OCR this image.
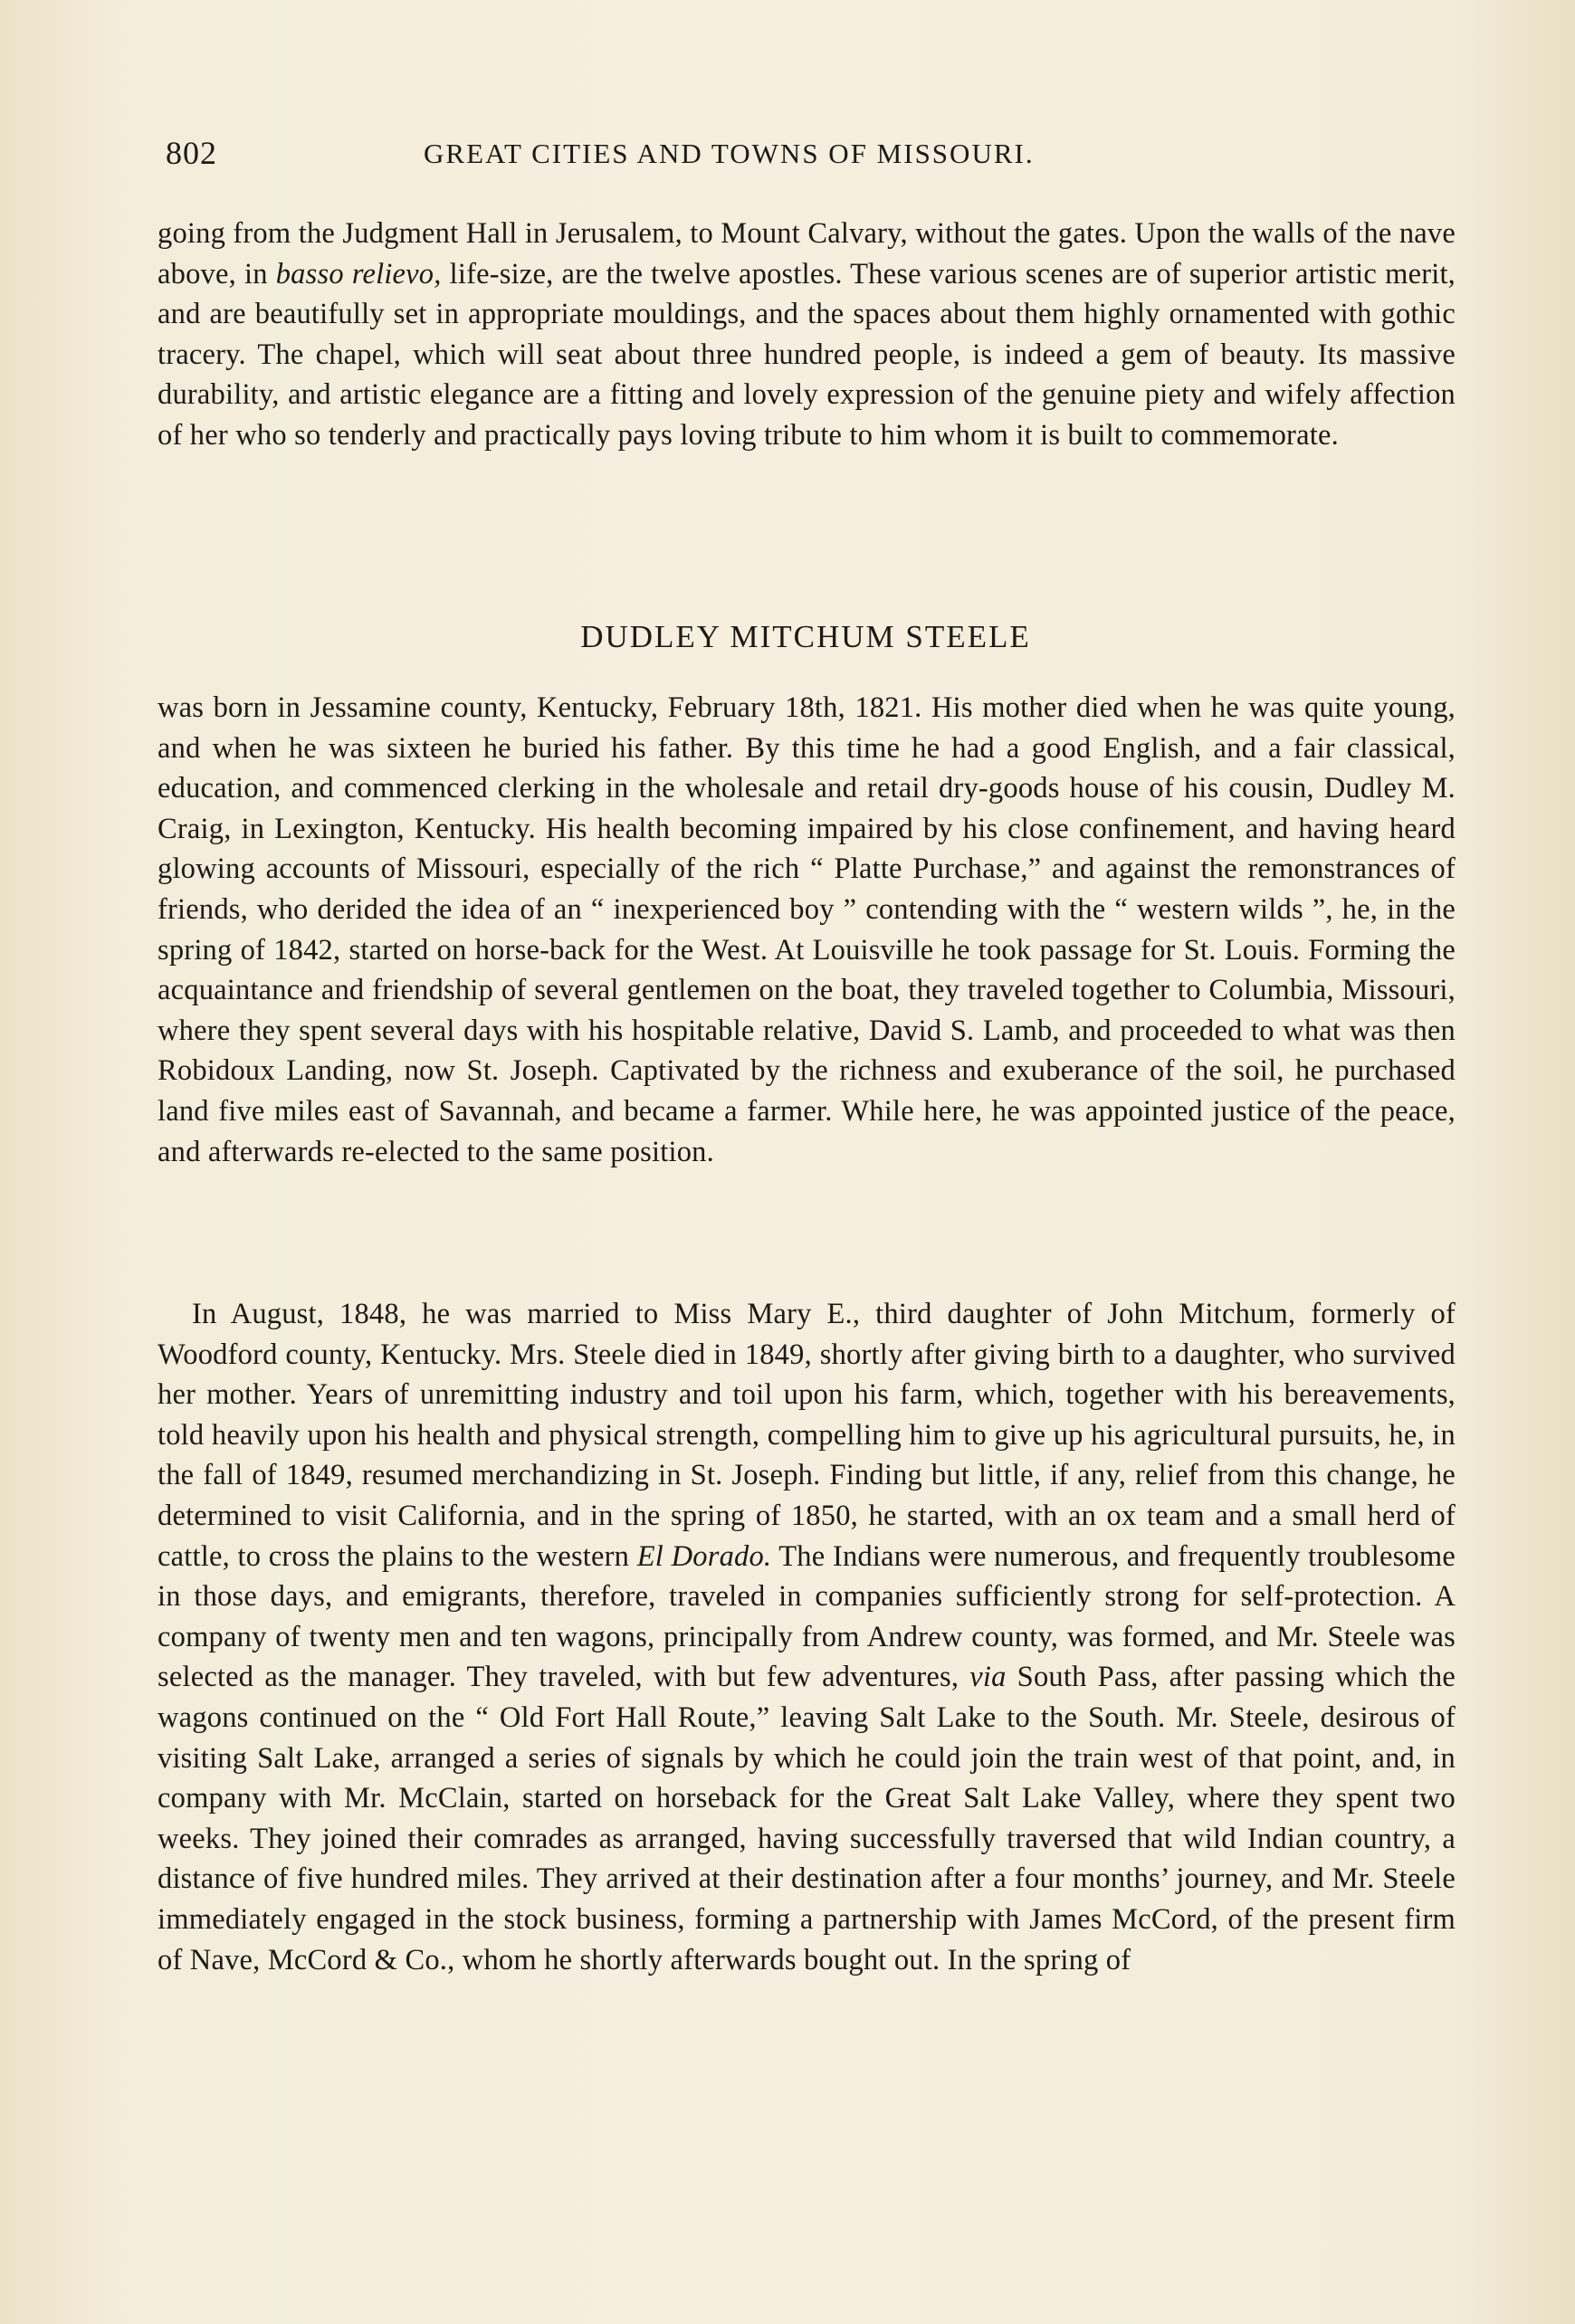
802	GREAT CITIES AND TOWNS OF MISSOURI.

going from the Judgment Hall in Jerusalem, to Mount Calvary, without the gates. Upon the walls of the nave above, in basso relievo, life-size, are the twelve apostles. These various scenes are of superior artistic merit, and are beautifully set in appropriate mouldings, and the spaces about them highly ornamented with gothic tracery. The chapel, which will seat about three hundred people, is indeed a gem of beauty. Its massive durability, and artistic elegance are a fitting and lovely expression of the genuine piety and wifely affection of her who so tenderly and practically pays loving tribute to him whom it is built to commemorate.

DUDLEY MITCHUM STEELE

was born in Jessamine county, Kentucky, February 18th, 1821. His mother died when he was quite young, and when he was sixteen he buried his father. By this time he had a good English, and a fair classical, education, and commenced clerking in the wholesale and retail dry-goods house of his cousin, Dudley M. Craig, in Lexington, Kentucky. His health becoming impaired by his close confinement, and having heard glowing accounts of Missouri, especially of the rich “ Platte Purchase,” and against the remonstrances of friends, who derided the idea of an “ inexperienced boy ” contending with the “ western wilds ”, he, in the spring of 1842, started on horse-back for the West. At Louisville he took passage for St. Louis. Forming the acquaintance and friendship of several gentlemen on the boat, they traveled together to Columbia, Missouri, where they spent several days with his hospitable relative, David S. Lamb, and proceeded to what was then Robidoux Landing, now St. Joseph. Captivated by the richness and exuberance of the soil, he purchased land five miles east of Savannah, and became a farmer. While here, he was appointed justice of the peace, and afterwards re-elected to the same position.

In August, 1848, he was married to Miss Mary E., third daughter of John Mitchum, formerly of Woodford county, Kentucky. Mrs. Steele died in 1849, shortly after giving birth to a daughter, who survived her mother. Years of unremitting industry and toil upon his farm, which, together with his bereavements, told heavily upon his health and physical strength, compelling him to give up his agricultural pursuits, he, in the fall of 1849, resumed merchandizing in St. Joseph. Finding but little, if any, relief from this change, he determined to visit California, and in the spring of 1850, he started, with an ox team and a small herd of cattle, to cross the plains to the western El Dorado. The Indians were numerous, and frequently troublesome in those days, and emigrants, therefore, traveled in companies sufficiently strong for self-protection. A company of twenty men and ten wagons, principally from Andrew county, was formed, and Mr. Steele was selected as the manager. They traveled, with but few adventures, via South Pass, after passing which the wagons continued on the “ Old Fort Hall Route,” leaving Salt Lake to the South. Mr. Steele, desirous of visiting Salt Lake, arranged a series of signals by which he could join the train west of that point, and, in company with Mr. McClain, started on horseback for the Great Salt Lake Valley, where they spent two weeks. They joined their comrades as arranged, having successfully traversed that wild Indian country, a distance of five hundred miles. They arrived at their destination after a four months’ journey, and Mr. Steele immediately engaged in the stock business, forming a partnership with James McCord, of the present firm of Nave, McCord & Co., whom he shortly afterwards bought out. In the spring of
